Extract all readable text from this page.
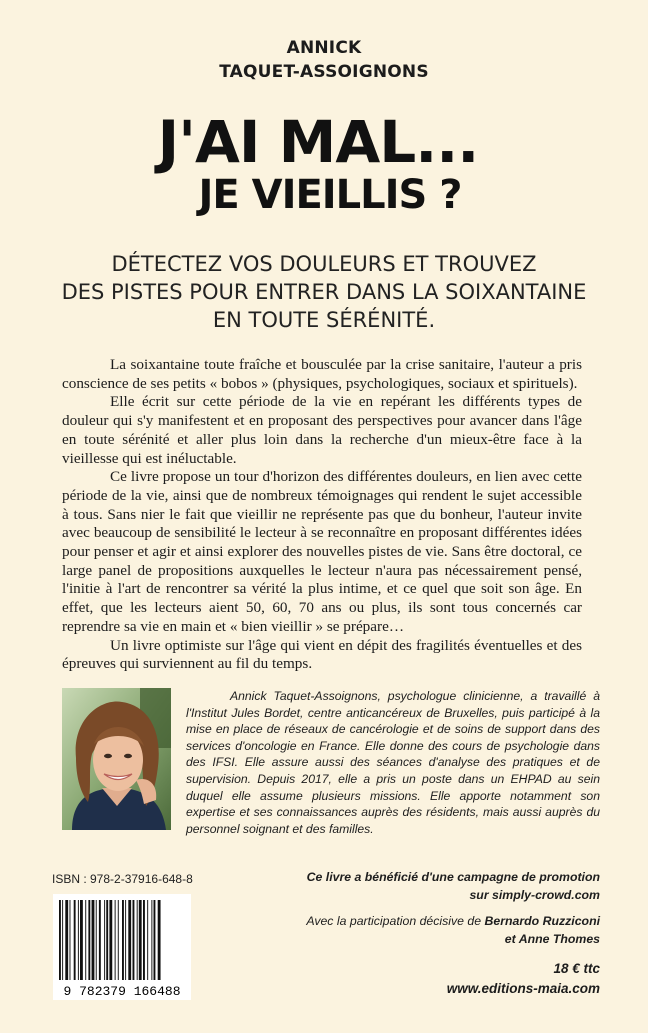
ANNICK
TAQUET-ASSOIGNONS
J'AI MAL...
JE VIEILLIS ?
DÉTECTEZ VOS DOULEURS ET TROUVEZ
DES PISTES POUR ENTRER DANS LA SOIXANTAINE
EN TOUTE SÉRÉNITÉ.

La soixantaine toute fraîche et bousculée par la crise sanitaire, l'auteur a pris conscience de ses petits « bobos » (physiques, psychologiques, sociaux et spirituels).

Elle écrit sur cette période de la vie en repérant les différents types de douleur qui s'y manifestent et en proposant des perspectives pour avancer dans l'âge en toute sérénité et aller plus loin dans la recherche d'un mieux-être face à la vieillesse qui est inéluctable.

Ce livre propose un tour d'horizon des différentes douleurs, en lien avec cette période de la vie, ainsi que de nombreux témoignages qui rendent le sujet accessible à tous. Sans nier le fait que vieillir ne représente pas que du bonheur, l'auteur invite avec beaucoup de sensibilité le lecteur à se reconnaître en proposant différentes idées pour penser et agir et ainsi explorer des nouvelles pistes de vie. Sans être doctoral, ce large panel de propositions auxquelles le lecteur n'aura pas nécessairement pensé, l'initie à l'art de rencontrer sa vérité la plus intime, et ce quel que soit son âge. En effet, que les lecteurs aient 50, 60, 70 ans ou plus, ils sont tous concernés car reprendre sa vie en main et « bien vieillir » se prépare…

Un livre optimiste sur l'âge qui vient en dépit des fragilités éventuelles et des épreuves qui surviennent au fil du temps.

Annick Taquet-Assoignons, psychologue clinicienne, a travaillé à l'Institut Jules Bordet, centre anticancéreux de Bruxelles, puis participé à la mise en place de réseaux de cancérologie et de soins de support dans des services d'oncologie en France. Elle donne des cours de psychologie dans des IFSI. Elle assure aussi des séances d'analyse des pratiques et de supervision. Depuis 2017, elle a pris un poste dans un EHPAD au sein duquel elle assume plusieurs missions. Elle apporte notamment son expertise et ses connaissances auprès des résidents, mais aussi auprès du personnel soignant et des familles.
ISBN : 978-2-37916-648-8
9 782379 166488
Ce livre a bénéficié d'une campagne de promotion
sur simply-crowd.com
Avec la participation décisive de Bernardo Ruzziconi
et Anne Thomes
18 € ttc
www.editions-maia.com
